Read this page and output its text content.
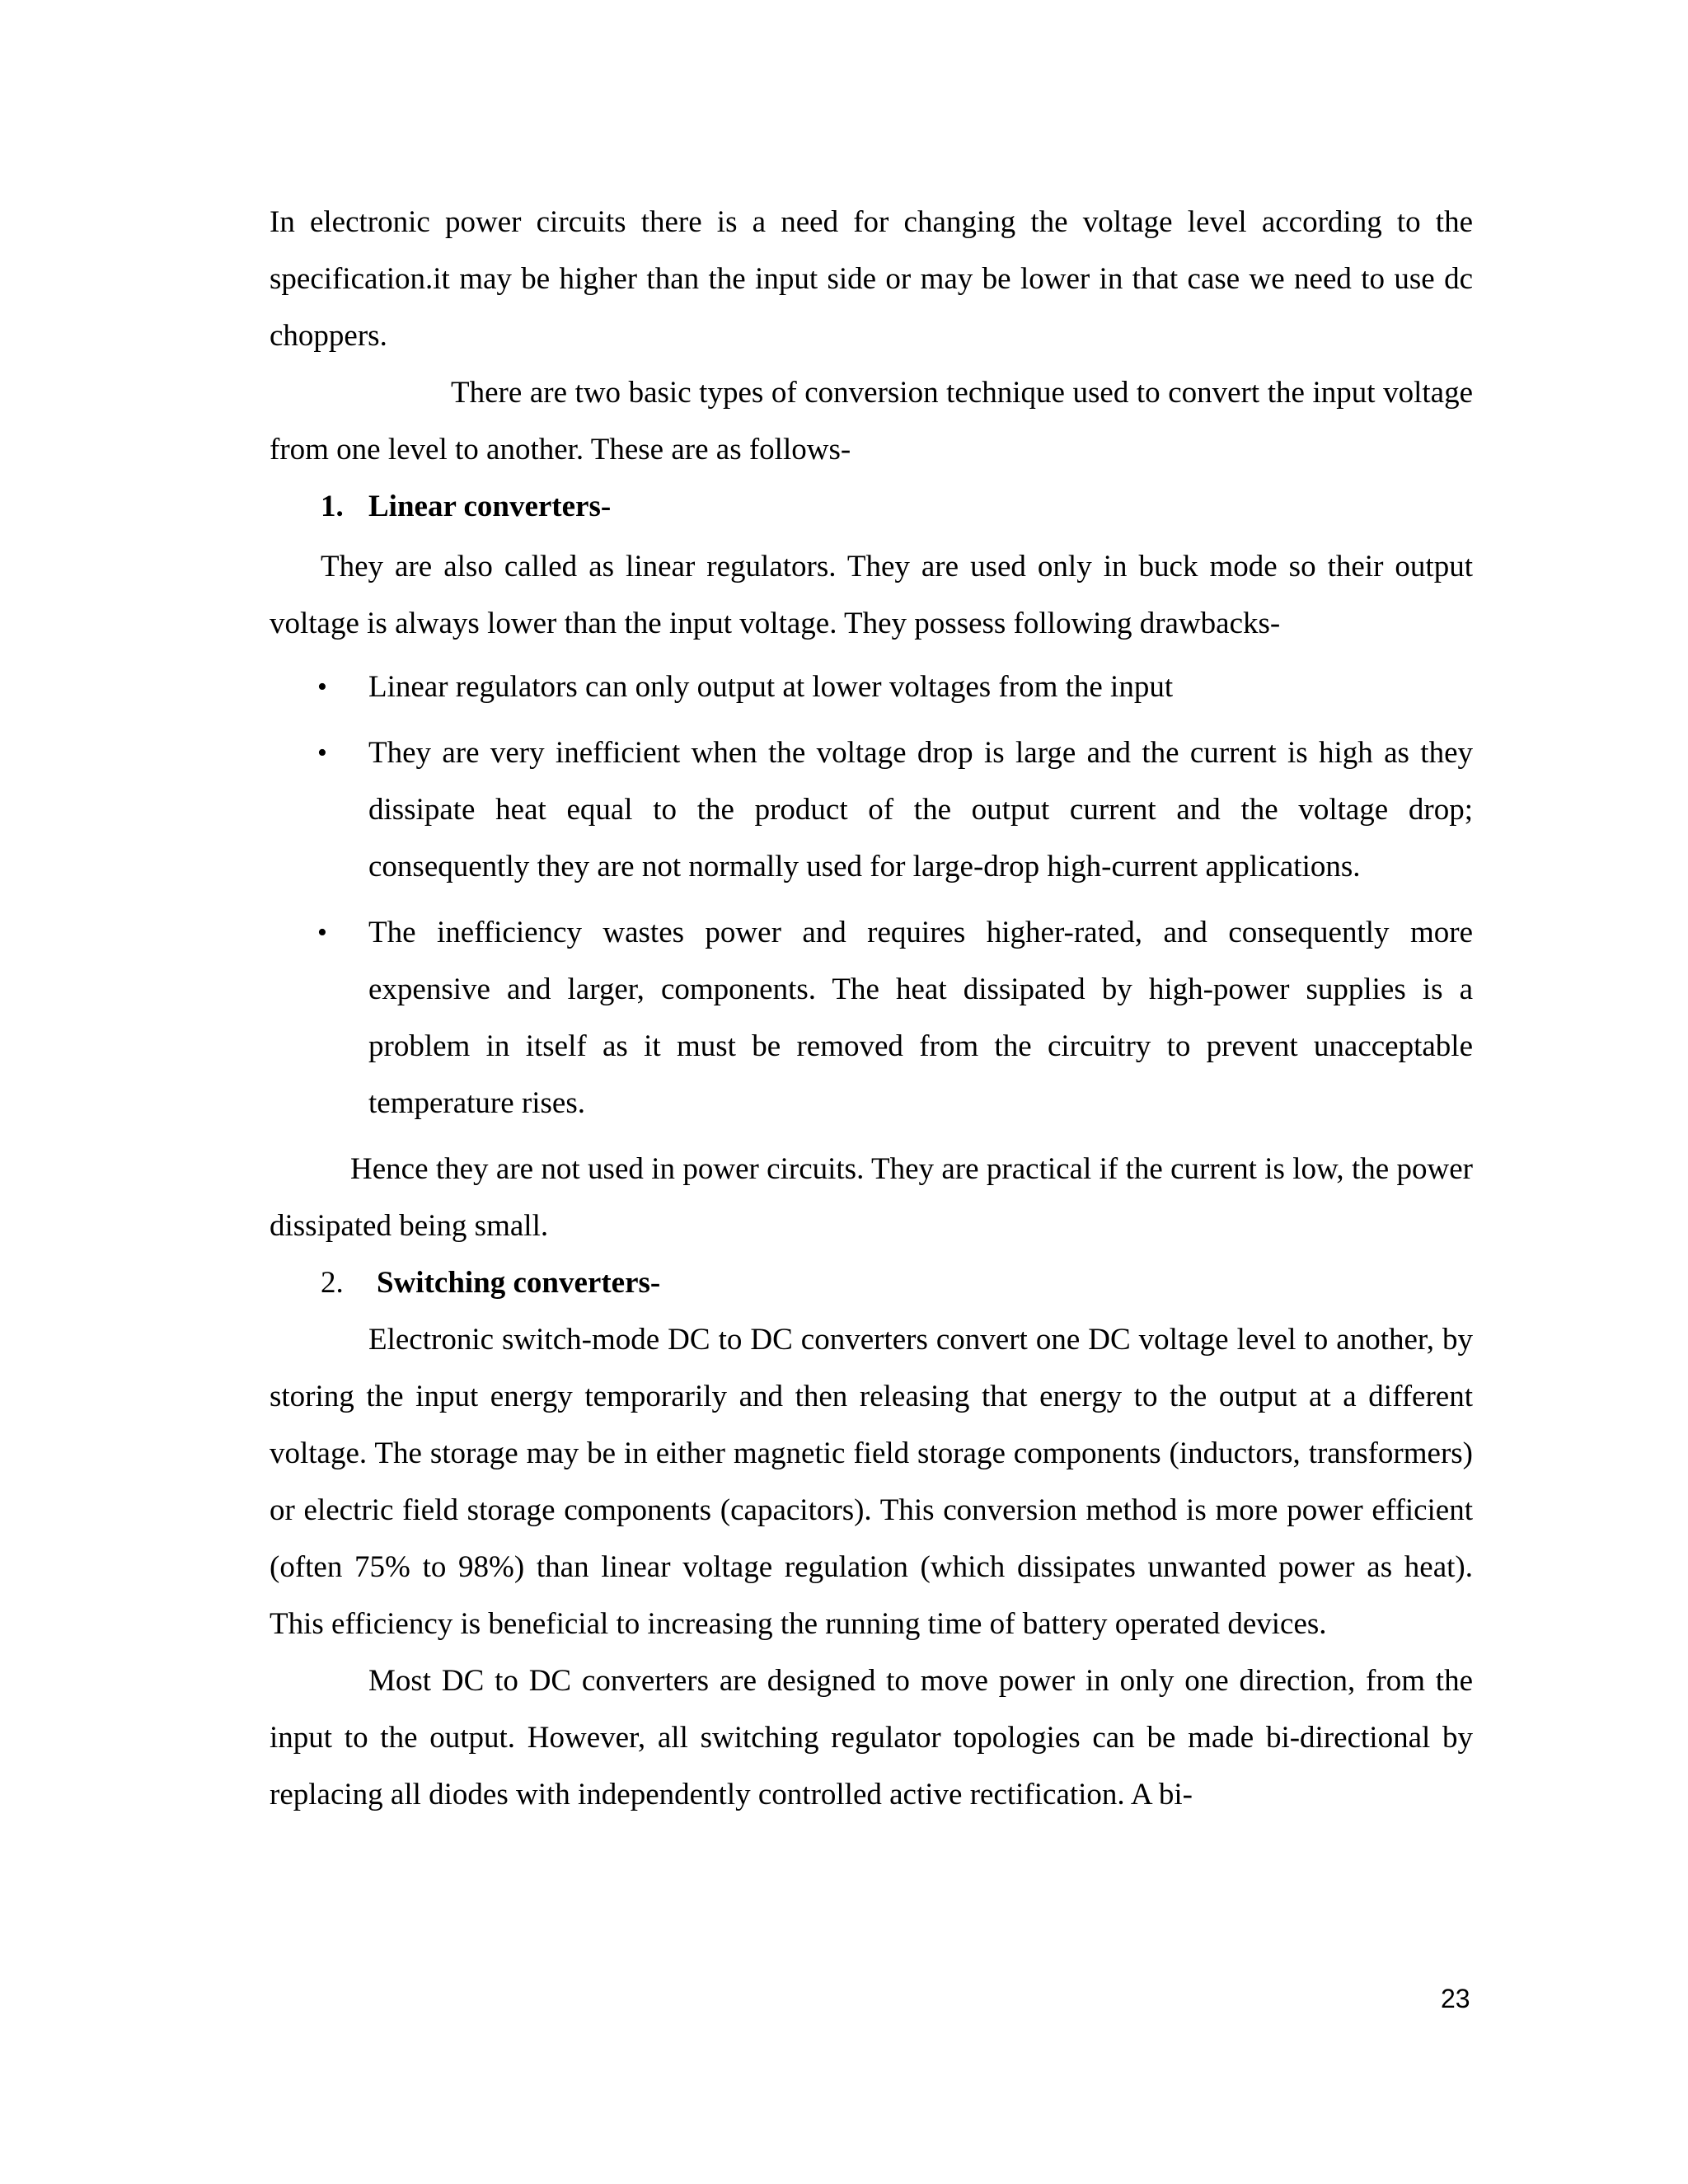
In electronic power circuits there is a need for changing the voltage level according to the specification.it may be higher than the input side or may be lower in that case we need to use dc choppers.

There are two basic types of conversion technique used to convert the input voltage from one level to another. These are as follows-

1. Linear converters-

They are also called as linear regulators. They are used only in buck mode so their output voltage is always lower than the input voltage. They possess following drawbacks-

• Linear regulators can only output at lower voltages from the input
• They are very inefficient when the voltage drop is large and the current is high as they dissipate heat equal to the product of the output current and the voltage drop; consequently they are not normally used for large-drop high-current applications.
• The inefficiency wastes power and requires higher-rated, and consequently more expensive and larger, components. The heat dissipated by high-power supplies is a problem in itself as it must be removed from the circuitry to prevent unacceptable temperature rises.

Hence they are not used in power circuits. They are practical if the current is low, the power dissipated being small.

2.	Switching converters-

Electronic switch-mode DC to DC converters convert one DC voltage level to another, by storing the input energy temporarily and then releasing that energy to the output at a different voltage. The storage may be in either magnetic field storage components (inductors, transformers) or electric field storage components (capacitors). This conversion method is more power efficient (often 75% to 98%) than linear voltage regulation (which dissipates unwanted power as heat). This efficiency is beneficial to increasing the running time of battery operated devices.

Most DC to DC converters are designed to move power in only one direction, from the input to the output. However, all switching regulator topologies can be made bi-directional by replacing all diodes with independently controlled active rectification. A bi-

23
